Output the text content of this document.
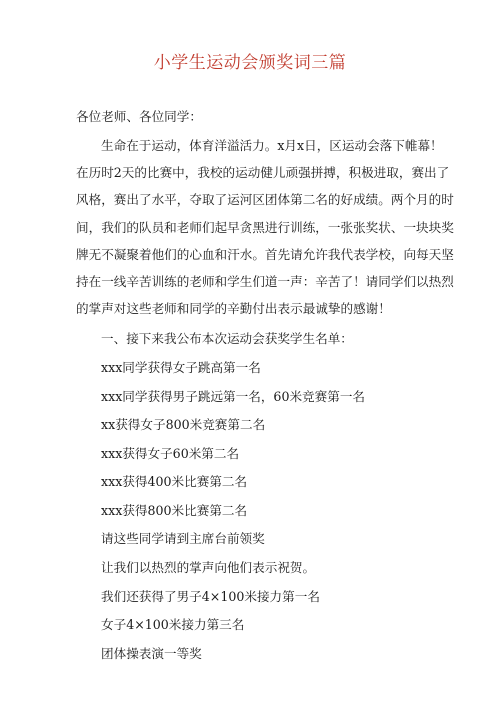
小学生运动会颁奖词三篇

各位老师、各位同学：

生命在于运动，体育洋溢活力。x月x日，区运动会落下帷幕！

在历时2天的比赛中，我校的运动健儿顽强拼搏，积极进取，赛出了

风格，赛出了水平，夺取了运河区团体第二名的好成绩。两个月的时

间，我们的队员和老师们起早贪黑进行训练，一张张奖状、一块块奖

牌无不凝聚着他们的心血和汗水。首先请允许我代表学校，向每天坚

持在一线辛苦训练的老师和学生们道一声：辛苦了！请同学们以热烈

的掌声对这些老师和同学的辛勤付出表示最诚挚的感谢！

一、接下来我公布本次运动会获奖学生名单：

xxx同学获得女子跳高第一名

xxx同学获得男子跳远第一名，60米竞赛第一名

xx获得女子800米竞赛第二名

xxx获得女子60米第二名

xxx获得400米比赛第二名

xxx获得800米比赛第二名

请这些同学请到主席台前领奖

让我们以热烈的掌声向他们表示祝贺。

我们还获得了男子4×100米接力第一名

女子4×100米接力第三名

团体操表演一等奖
